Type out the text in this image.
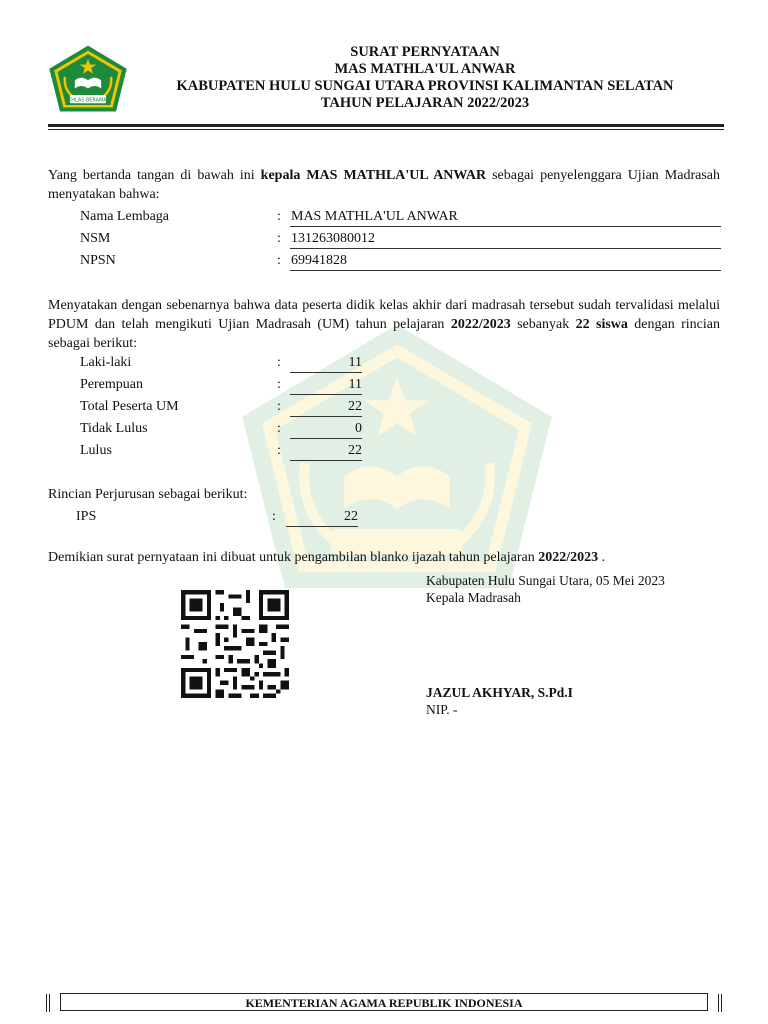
IKHLAS BERAMAL
SURAT PERNYATAAN
MAS MATHLA'UL ANWAR
KABUPATEN HULU SUNGAI UTARA PROVINSI KALIMANTAN SELATAN
TAHUN PELAJARAN 2022/2023
Yang bertanda tangan di bawah ini kepala MAS MATHLA'UL ANWAR sebagai penyelenggara Ujian Madrasah menyatakan bahwa:
Nama Lembaga	: MAS MATHLA'UL ANWAR
NSM	: 131263080012
NPSN	: 69941828
Menyatakan dengan sebenarnya bahwa data peserta didik kelas akhir dari madrasah tersebut sudah tervalidasi melalui PDUM dan telah mengikuti Ujian Madrasah (UM) tahun pelajaran 2022/2023 sebanyak 22 siswa dengan rincian sebagai berikut:
Laki-laki	:	11
Perempuan	:	11
Total Peserta UM	:	22
Tidak Lulus	:	0
Lulus	:	22
Rincian Perjurusan sebagai berikut:
IPS	:	22
Demikian surat pernyataan ini dibuat untuk pengambilan blanko ijazah tahun pelajaran 2022/2023 .
Kabupaten Hulu Sungai Utara, 05 Mei 2023
Kepala Madrasah
JAZUL AKHYAR, S.Pd.I
NIP. -
KEMENTERIAN AGAMA REPUBLIK INDONESIA
